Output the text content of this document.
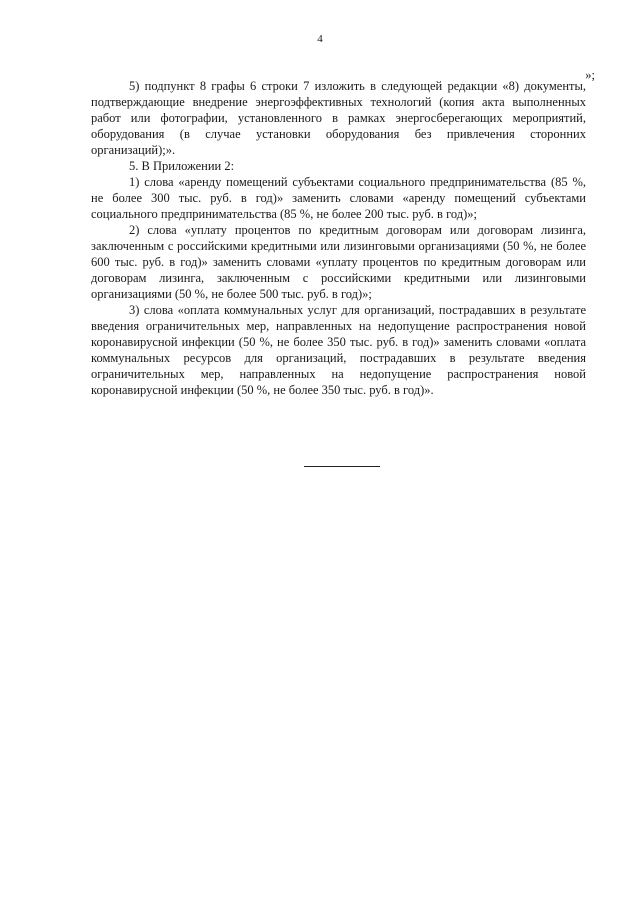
4
»;

5) подпункт 8 графы 6 строки 7 изложить в следующей редакции «8) документы, подтверждающие внедрение энергоэффективных технологий (копия акта выполненных работ или фотографии, установленного в рамках энергосберегающих мероприятий, оборудования (в случае установки оборудования без привлечения сторонних организаций);».

5. В Приложении 2:

1) слова «аренду помещений субъектами социального предпринимательства (85 %, не более 300 тыс. руб. в год)» заменить словами «аренду помещений субъектами социального предпринимательства (85 %, не более 200 тыс. руб. в год)»;

2) слова «уплату процентов по кредитным договорам или договорам лизинга, заключенным с российскими кредитными или лизинговыми организациями (50 %, не более 600 тыс. руб. в год)» заменить словами «уплату процентов по кредитным договорам или договорам лизинга, заключенным с российскими кредитными или лизинговыми организациями (50 %, не более 500 тыс. руб. в год)»;

3) слова «оплата коммунальных услуг для организаций, пострадавших в результате введения ограничительных мер, направленных на недопущение распространения новой коронавирусной инфекции (50 %, не более 350 тыс. руб. в год)» заменить словами «оплата коммунальных ресурсов для организаций, пострадавших в результате введения ограничительных мер, направленных на недопущение распространения новой коронавирусной инфекции (50 %, не более 350 тыс. руб. в год)».
